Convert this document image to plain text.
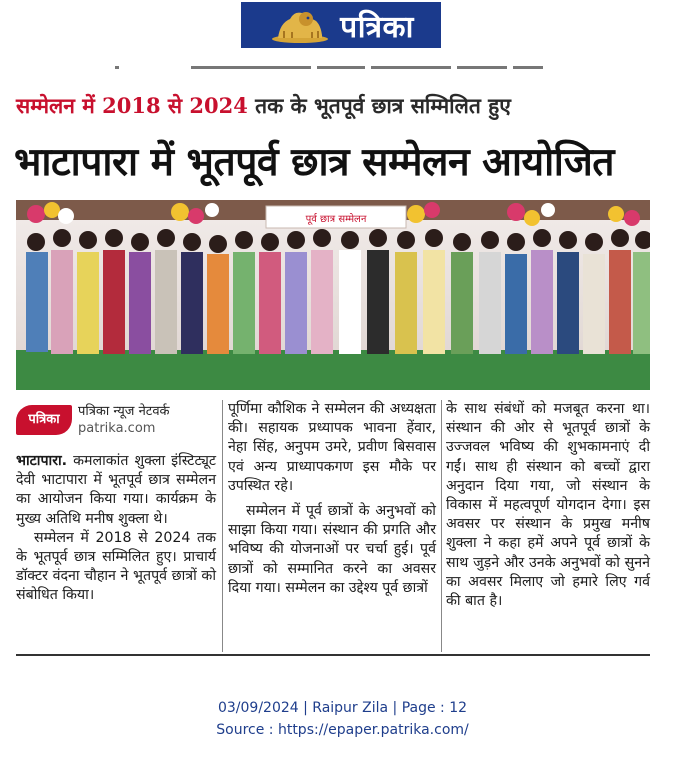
पत्रिका
सम्मेलन में 2018 से 2024 तक के भूतपूर्व छात्र सम्मिलित हुए
भाटापारा में भूतपूर्व छात्र सम्मेलन आयोजित
पूर्व छात्र सम्मेलन
पत्रिका
पत्रिका न्यूज नेटवर्क
patrika.com

भाटापारा. कमलाकांत शुक्ला इंस्टिट्यूट देवी भाटापारा में भूतपूर्व छात्र सम्मेलन का आयोजन किया गया। कार्यक्रम के मुख्य अतिथि मनीष शुक्ला थे।

सम्मेलन में 2018 से 2024 तक के भूतपूर्व छात्र सम्मिलित हुए। प्राचार्य डॉक्टर वंदना चौहान ने भूतपूर्व छात्रों को संबोधित किया।

पूर्णिमा कौशिक ने सम्मेलन की अध्यक्षता की। सहायक प्रध्यापक भावना हेंवार, नेहा सिंह, अनुपम उमरे, प्रवीण बिसवास एवं अन्य प्राध्यापकगण इस मौके पर उपस्थित रहे।

सम्मेलन में पूर्व छात्रों के अनुभवों को साझा किया गया। संस्थान की प्रगति और भविष्य की योजनाओं पर चर्चा हुई। पूर्व छात्रों को सम्मानित करने का अवसर दिया गया। सम्मेलन का उद्देश्य पूर्व छात्रों

के साथ संबंधों को मजबूत करना था। संस्थान की ओर से भूतपूर्व छात्रों के उज्जवल भविष्य की शुभकामनाएं दी गईं। साथ ही संस्थान को बच्चों द्वारा अनुदान दिया गया, जो संस्थान के विकास में महत्वपूर्ण योगदान देगा। इस अवसर पर संस्थान के प्रमुख मनीष शुक्ला ने कहा हमें अपने पूर्व छात्रों के साथ जुड़ने और उनके अनुभवों को सुनने का अवसर मिलाए जो हमारे लिए गर्व की बात है।

03/09/2024 | Raipur Zila | Page : 12
Source : https://epaper.patrika.com/
